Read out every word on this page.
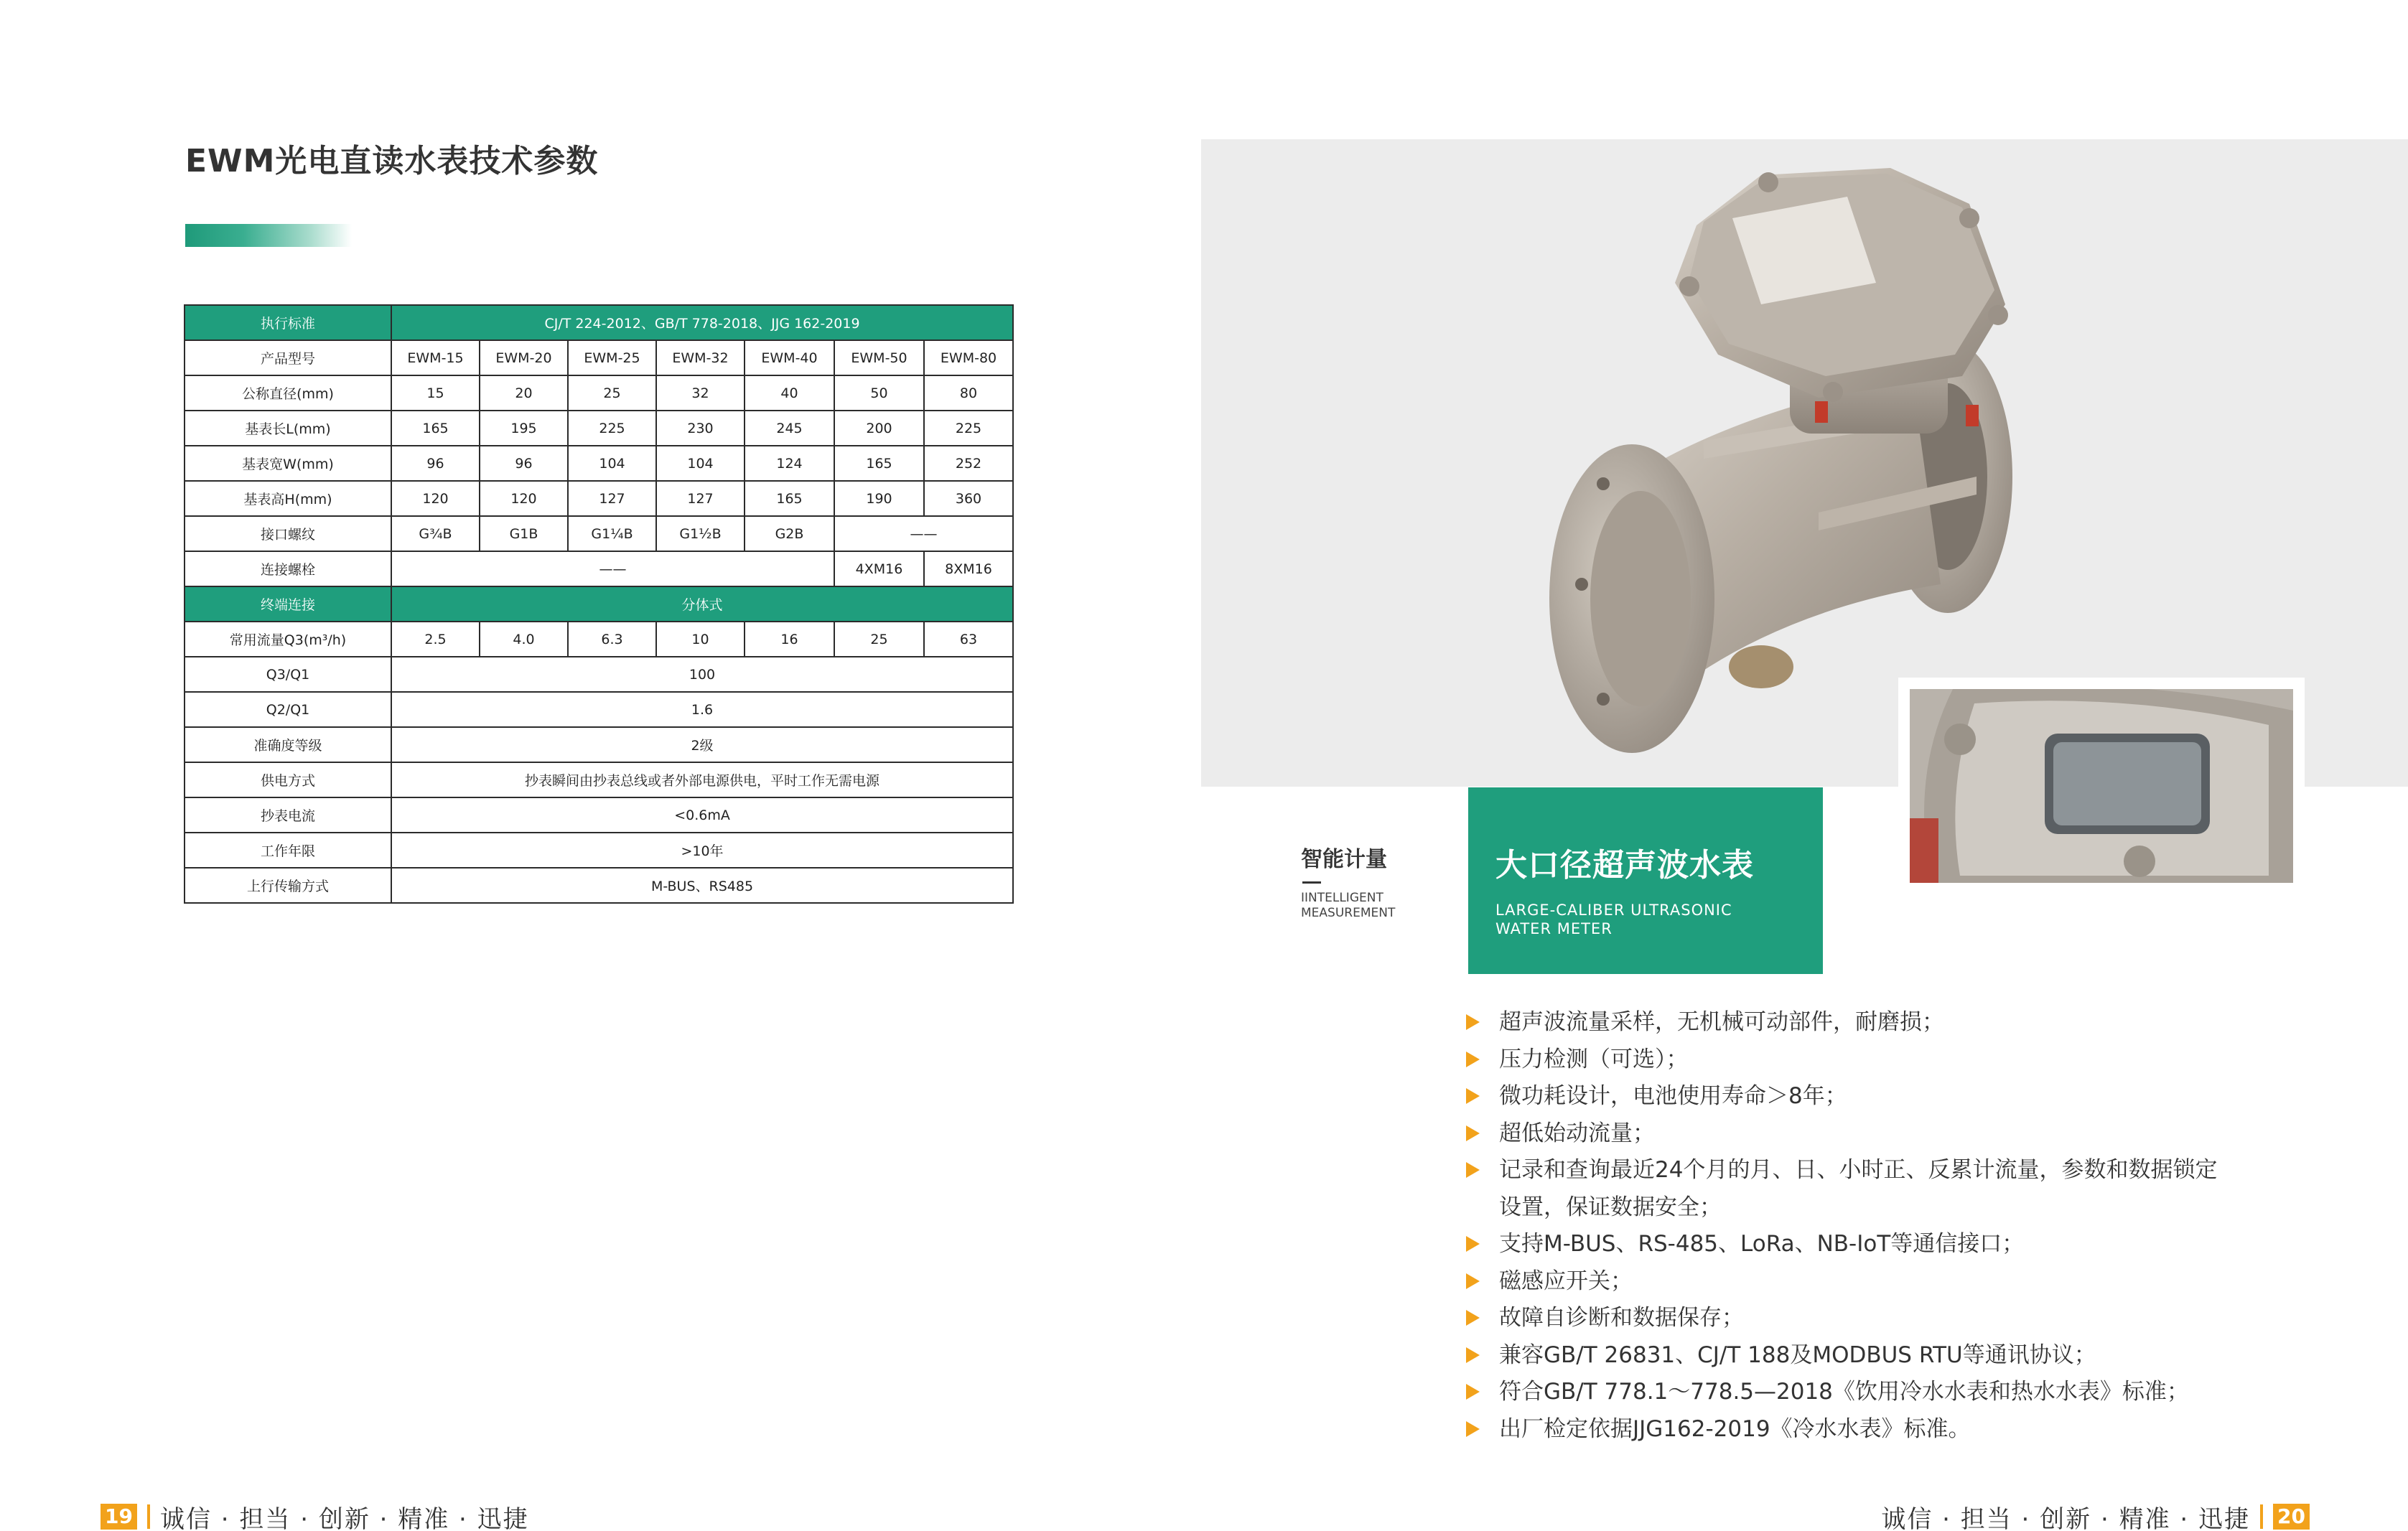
EWM光电直读水表技术参数
执行标准	CJ/T 224-2012、GB/T 778-2018、JJG 162-2019						
产品型号	EWM-15	EWM-20	EWM-25	EWM-32	EWM-40	EWM-50	EWM-80
公称直径(mm)	15	20	25	32	40	50	80
基表长L(mm)	165	195	225	230	245	200	225
基表宽W(mm)	96	96	104	104	124	165	252
基表高H(mm)	120	120	127	127	165	190	360
接口螺纹	G¾B	G1B	G1¼B	G1½B	G2B	——	
连接螺栓	——					4XM16	8XM16
终端连接	分体式						
常用流量Q3(m³/h)	2.5	4.0	6.3	10	16	25	63
Q3/Q1	100						
Q2/Q1	1.6						
准确度等级	2级						
供电方式	抄表瞬间由抄表总线或者外部电源供电，平时工作无需电源						
抄表电流	<0.6mA						
工作年限	>10年						
上行传输方式	M-BUS、RS485						
智能计量
IINTELLIGENT
MEASUREMENT
大口径超声波水表
LARGE-CALIBER ULTRASONIC
WATER METER
超声波流量采样，无机械可动部件，耐磨损；
压力检测（可选）；
微功耗设计，电池使用寿命＞8年；
超低始动流量；
记录和查询最近24个月的月、日、小时正、反累计流量，参数和数据锁定
设置，保证数据安全；
支持M-BUS、RS-485、LoRa、NB-IoT等通信接口；
磁感应开关；
故障自诊断和数据保存；
兼容GB/T 26831、CJ/T 188及MODBUS RTU等通讯协议；
符合GB/T 778.1～778.5—2018《饮用冷水水表和热水水表》标准；
出厂检定依据JJG162-2019《冷水水表》标准。
19 诚信 · 担当 · 创新 · 精准 · 迅捷	诚信 · 担当 · 创新 · 精准 · 迅捷 20
